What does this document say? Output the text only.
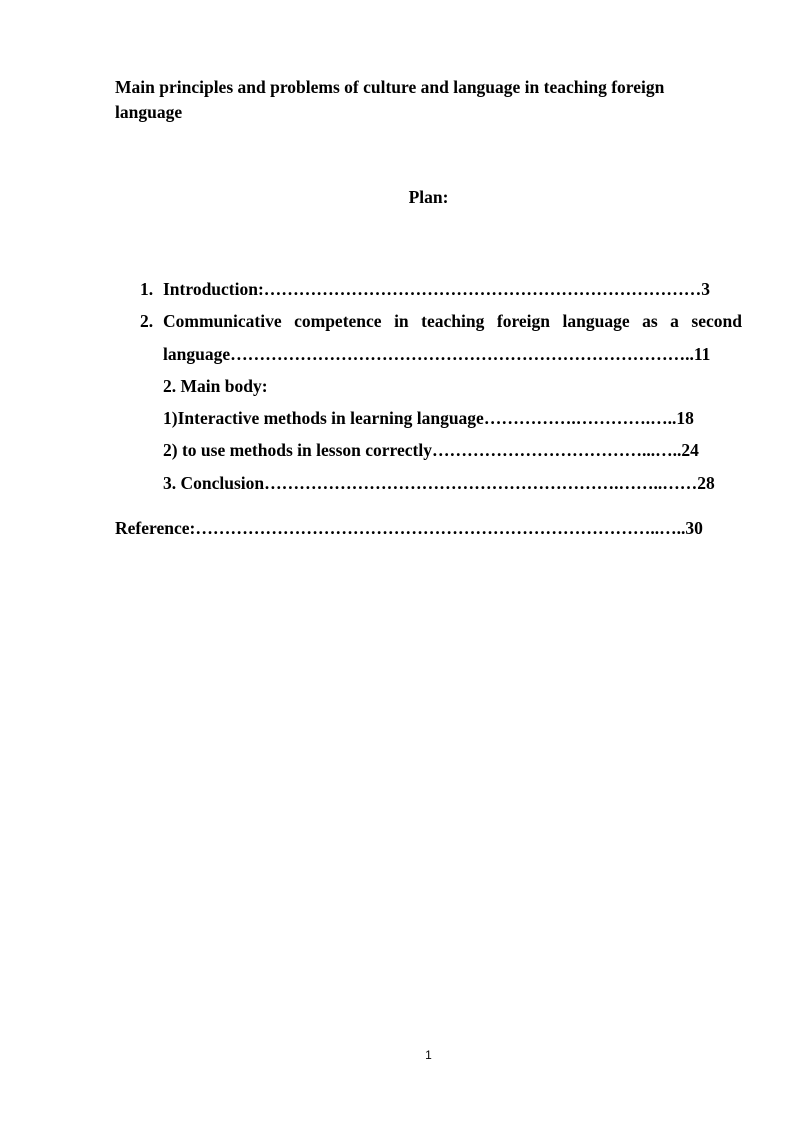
Main principles and problems of culture and language in teaching foreign language
Plan:
1. Introduction:…………………………………………………………………3
2. Communicative competence in teaching foreign language as a second
language……………………………………………………………………..11
2. Main body:
1)Interactive methods in learning language…………….………….…..18
2) to use methods in lesson correctly………………………………...…..24
3. Conclusion…………………………………………………….……..……28
Reference:……………………………………………………………………..…..30
1
